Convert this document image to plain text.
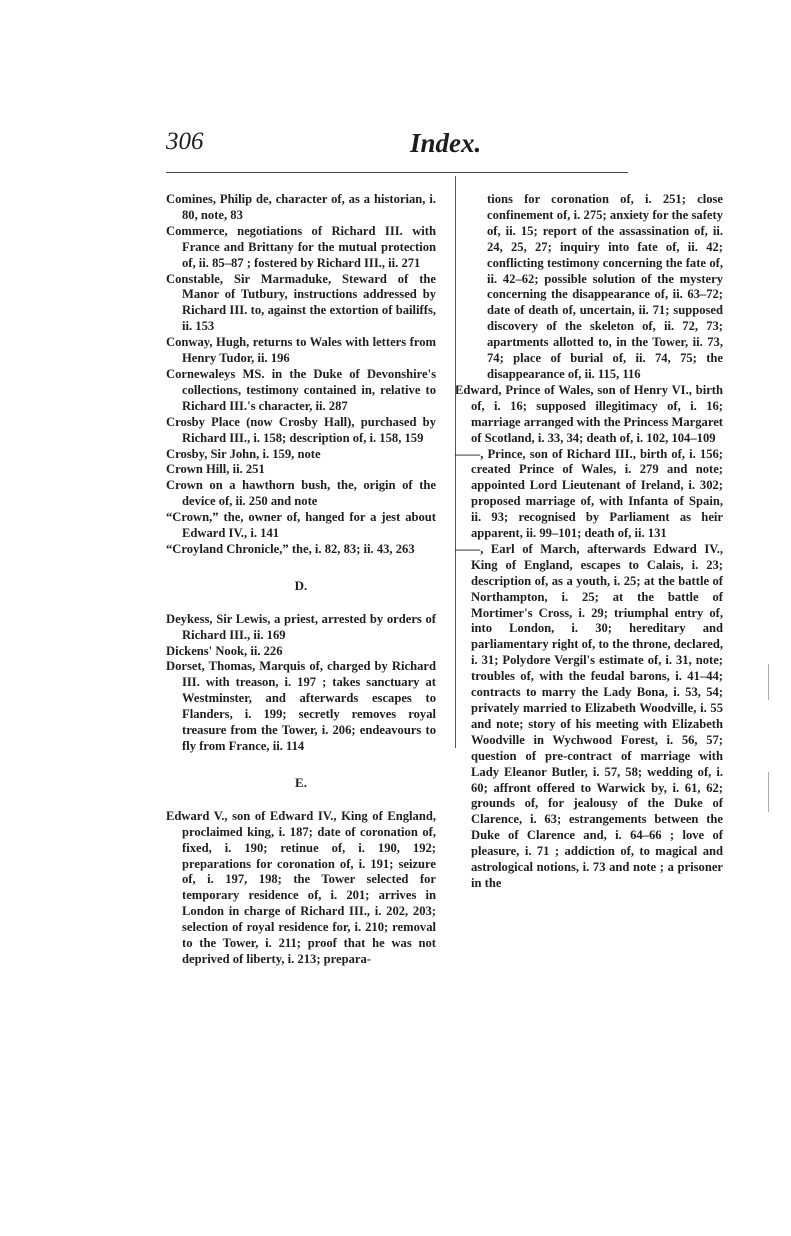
306	Index.

Comines, Philip de, character of, as a historian, i. 80, note, 83

Commerce, negotiations of Richard III. with France and Brittany for the mutual protection of, ii. 85–87 ; fostered by Richard III., ii. 271

Constable, Sir Marmaduke, Steward of the Manor of Tutbury, instructions addressed by Richard III. to, against the extortion of bailiffs, ii. 153

Conway, Hugh, returns to Wales with letters from Henry Tudor, ii. 196

Cornewaleys MS. in the Duke of Devonshire's collections, testimony contained in, relative to Richard III.'s character, ii. 287

Crosby Place (now Crosby Hall), purchased by Richard III., i. 158; description of, i. 158, 159

Crosby, Sir John, i. 159, note

Crown Hill, ii. 251

Crown on a hawthorn bush, the, origin of the device of, ii. 250 and note

“Crown,” the, owner of, hanged for a jest about Edward IV., i. 141

“Croyland Chronicle,” the, i. 82, 83; ii. 43, 263

D.

Deykess, Sir Lewis, a priest, arrested by orders of Richard III., ii. 169

Dickens' Nook, ii. 226

Dorset, Thomas, Marquis of, charged by Richard III. with treason, i. 197 ; takes sanctuary at Westminster, and afterwards escapes to Flanders, i. 199; secretly removes royal treasure from the Tower, i. 206; endeavours to fly from France, ii. 114

E.

Edward V., son of Edward IV., King of England, proclaimed king, i. 187; date of coronation of, fixed, i. 190; retinue of, i. 190, 192; preparations for coronation of, i. 191; seizure of, i. 197, 198; the Tower selected for temporary residence of, i. 201; arrives in London in charge of Richard III., i. 202, 203; selection of royal residence for, i. 210; removal to the Tower, i. 211; proof that he was not deprived of liberty, i. 213; prepara-

tions for coronation of, i. 251; close confinement of, i. 275; anxiety for the safety of, ii. 15; report of the assassination of, ii. 24, 25, 27; inquiry into fate of, ii. 42; conflicting testimony concerning the fate of, ii. 42–62; possible solution of the mystery concerning the disappearance of, ii. 63–72; date of death of, uncertain, ii. 71; supposed discovery of the skeleton of, ii. 72, 73; apartments allotted to, in the Tower, ii. 73, 74; place of burial of, ii. 74, 75; the disappearance of, ii. 115, 116

Edward, Prince of Wales, son of Henry VI., birth of, i. 16; supposed illegitimacy of, i. 16; marriage arranged with the Princess Margaret of Scotland, i. 33, 34; death of, i. 102, 104–109

——, Prince, son of Richard III., birth of, i. 156; created Prince of Wales, i. 279 and note; appointed Lord Lieutenant of Ireland, i. 302; proposed marriage of, with Infanta of Spain, ii. 93; recognised by Parliament as heir apparent, ii. 99–101; death of, ii. 131

——, Earl of March, afterwards Edward IV., King of England, escapes to Calais, i. 23; description of, as a youth, i. 25; at the battle of Northampton, i. 25; at the battle of Mortimer's Cross, i. 29; triumphal entry of, into London, i. 30; hereditary and parliamentary right of, to the throne, declared, i. 31; Polydore Vergil's estimate of, i. 31, note; troubles of, with the feudal barons, i. 41–44; contracts to marry the Lady Bona, i. 53, 54; privately married to Elizabeth Woodville, i. 55 and note; story of his meeting with Elizabeth Woodville in Wychwood Forest, i. 56, 57; question of pre-contract of marriage with Lady Eleanor Butler, i. 57, 58; wedding of, i. 60; affront offered to Warwick by, i. 61, 62; grounds of, for jealousy of the Duke of Clarence, i. 63; estrangements between the Duke of Clarence and, i. 64–66 ; love of pleasure, i. 71 ; addiction of, to magical and astrological notions, i. 73 and note ; a prisoner in the
